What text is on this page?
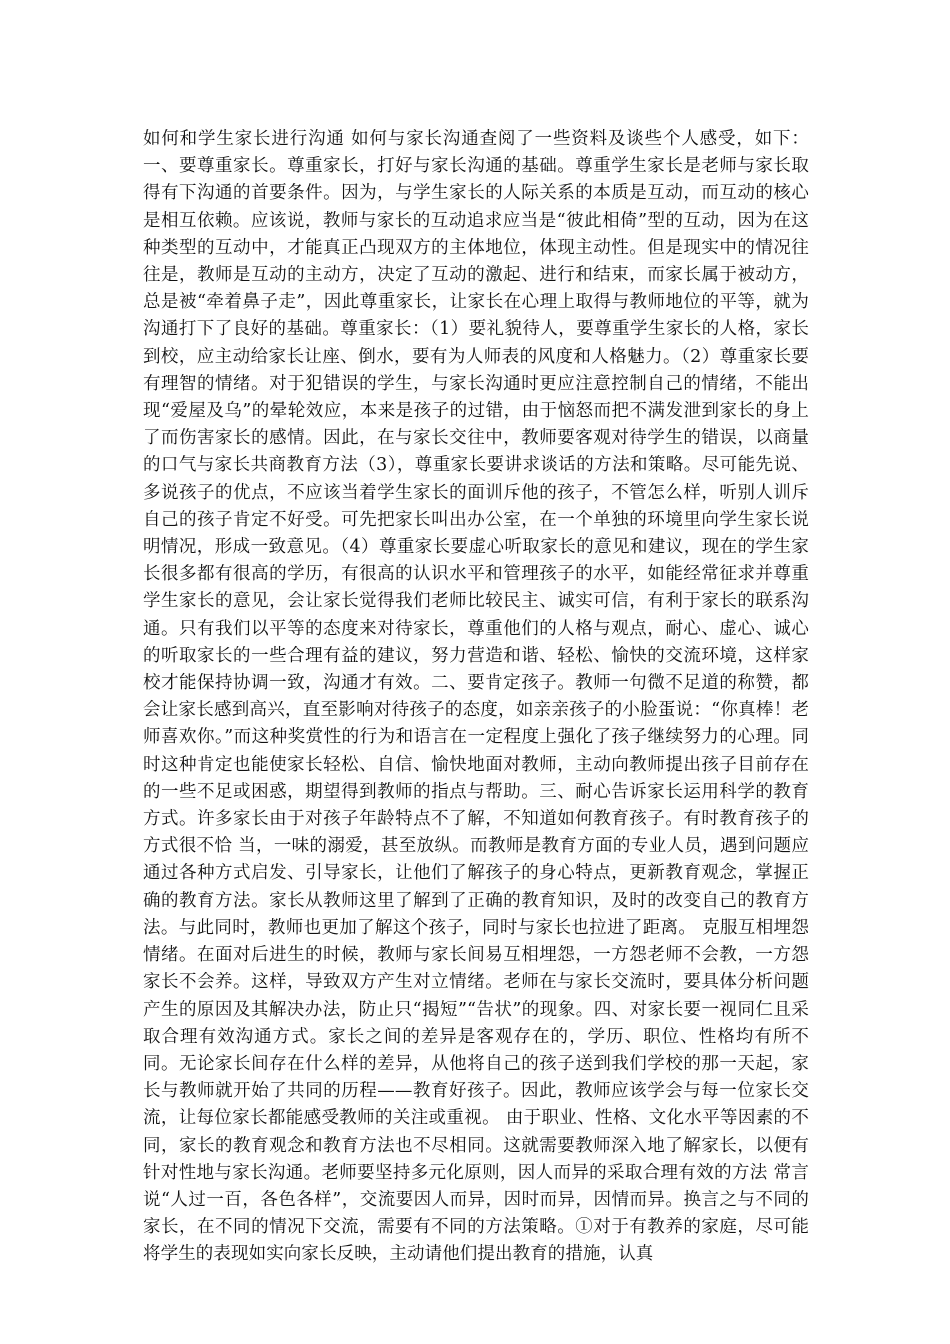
如何和学生家长进行沟通 如何与家长沟通查阅了一些资料及谈些个人感受，如下：一、要尊重家长。尊重家长，打好与家长沟通的基础。尊重学生家长是老师与家长取得有下沟通的首要条件。因为，与学生家长的人际关系的本质是互动，而互动的核心是相互依赖。应该说，教师与家长的互动追求应当是“彼此相倚”型的互动，因为在这种类型的互动中，才能真正凸现双方的主体地位，体现主动性。但是现实中的情况往往是，教师是互动的主动方，决定了互动的激起、进行和结束，而家长属于被动方，总是被“牵着鼻子走”，因此尊重家长，让家长在心理上取得与教师地位的平等，就为沟通打下了良好的基础。尊重家长：（1）要礼貌待人，要尊重学生家长的人格，家长到校，应主动给家长让座、倒水，要有为人师表的风度和人格魅力。（2）尊重家长要有理智的情绪。对于犯错误的学生，与家长沟通时更应注意控制自己的情绪，不能出现“爱屋及乌”的晕轮效应，本来是孩子的过错，由于恼怒而把不满发泄到家长的身上了而伤害家长的感情。因此，在与家长交往中，教师要客观对待学生的错误，以商量的口气与家长共商教育方法（3），尊重家长要讲求谈话的方法和策略。尽可能先说、多说孩子的优点，不应该当着学生家长的面训斥他的孩子，不管怎么样，听别人训斥自己的孩子肯定不好受。可先把家长叫出办公室，在一个单独的环境里向学生家长说明情况，形成一致意见。（4）尊重家长要虚心听取家长的意见和建议，现在的学生家长很多都有很高的学历，有很高的认识水平和管理孩子的水平，如能经常征求并尊重学生家长的意见，会让家长觉得我们老师比较民主、诚实可信，有利于家长的联系沟通。只有我们以平等的态度来对待家长，尊重他们的人格与观点，耐心、虚心、诚心的听取家长的一些合理有益的建议，努力营造和谐、轻松、愉快的交流环境，这样家校才能保持协调一致，沟通才有效。二、要肯定孩子。教师一句微不足道的称赞，都会让家长感到高兴，直至影响对待孩子的态度，如亲亲孩子的小脸蛋说：“你真棒！老师喜欢你。”而这种奖赏性的行为和语言在一定程度上强化了孩子继续努力的心理。同时这种肯定也能使家长轻松、自信、愉快地面对教师，主动向教师提出孩子目前存在的一些不足或困惑，期望得到教师的指点与帮助。三、耐心告诉家长运用科学的教育方式。许多家长由于对孩子年龄特点不了解，不知道如何教育孩子。有时教育孩子的方式很不恰 当，一味的溺爱，甚至放纵。而教师是教育方面的专业人员，遇到问题应通过各种方式启发、引导家长，让他们了解孩子的身心特点，更新教育观念，掌握正确的教育方法。家长从教师这里了解到了正确的教育知识，及时的改变自己的教育方法。与此同时，教师也更加了解这个孩子，同时与家长也拉进了距离。 克服互相埋怨情绪。在面对后进生的时候，教师与家长间易互相埋怨，一方怨老师不会教，一方怨家长不会养。这样，导致双方产生对立情绪。老师在与家长交流时，要具体分析问题产生的原因及其解决办法，防止只“揭短”“告状”的现象。四、对家长要一视同仁且采取合理有效沟通方式。家长之间的差异是客观存在的，学历、职位、性格均有所不同。无论家长间存在什么样的差异，从他将自己的孩子送到我们学校的那一天起，家长与教师就开始了共同的历程——教育好孩子。因此，教师应该学会与每一位家长交流，让每位家长都能感受教师的关注或重视。 由于职业、性格、文化水平等因素的不同，家长的教育观念和教育方法也不尽相同。这就需要教师深入地了解家长，以便有针对性地与家长沟通。老师要坚持多元化原则，因人而异的采取合理有效的方法 常言说“人过一百，各色各样”，交流要因人而异，因时而异，因情而异。换言之与不同的家长，在不同的情况下交流，需要有不同的方法策略。①对于有教养的家庭，尽可能将学生的表现如实向家长反映，主动请他们提出教育的措施，认真
